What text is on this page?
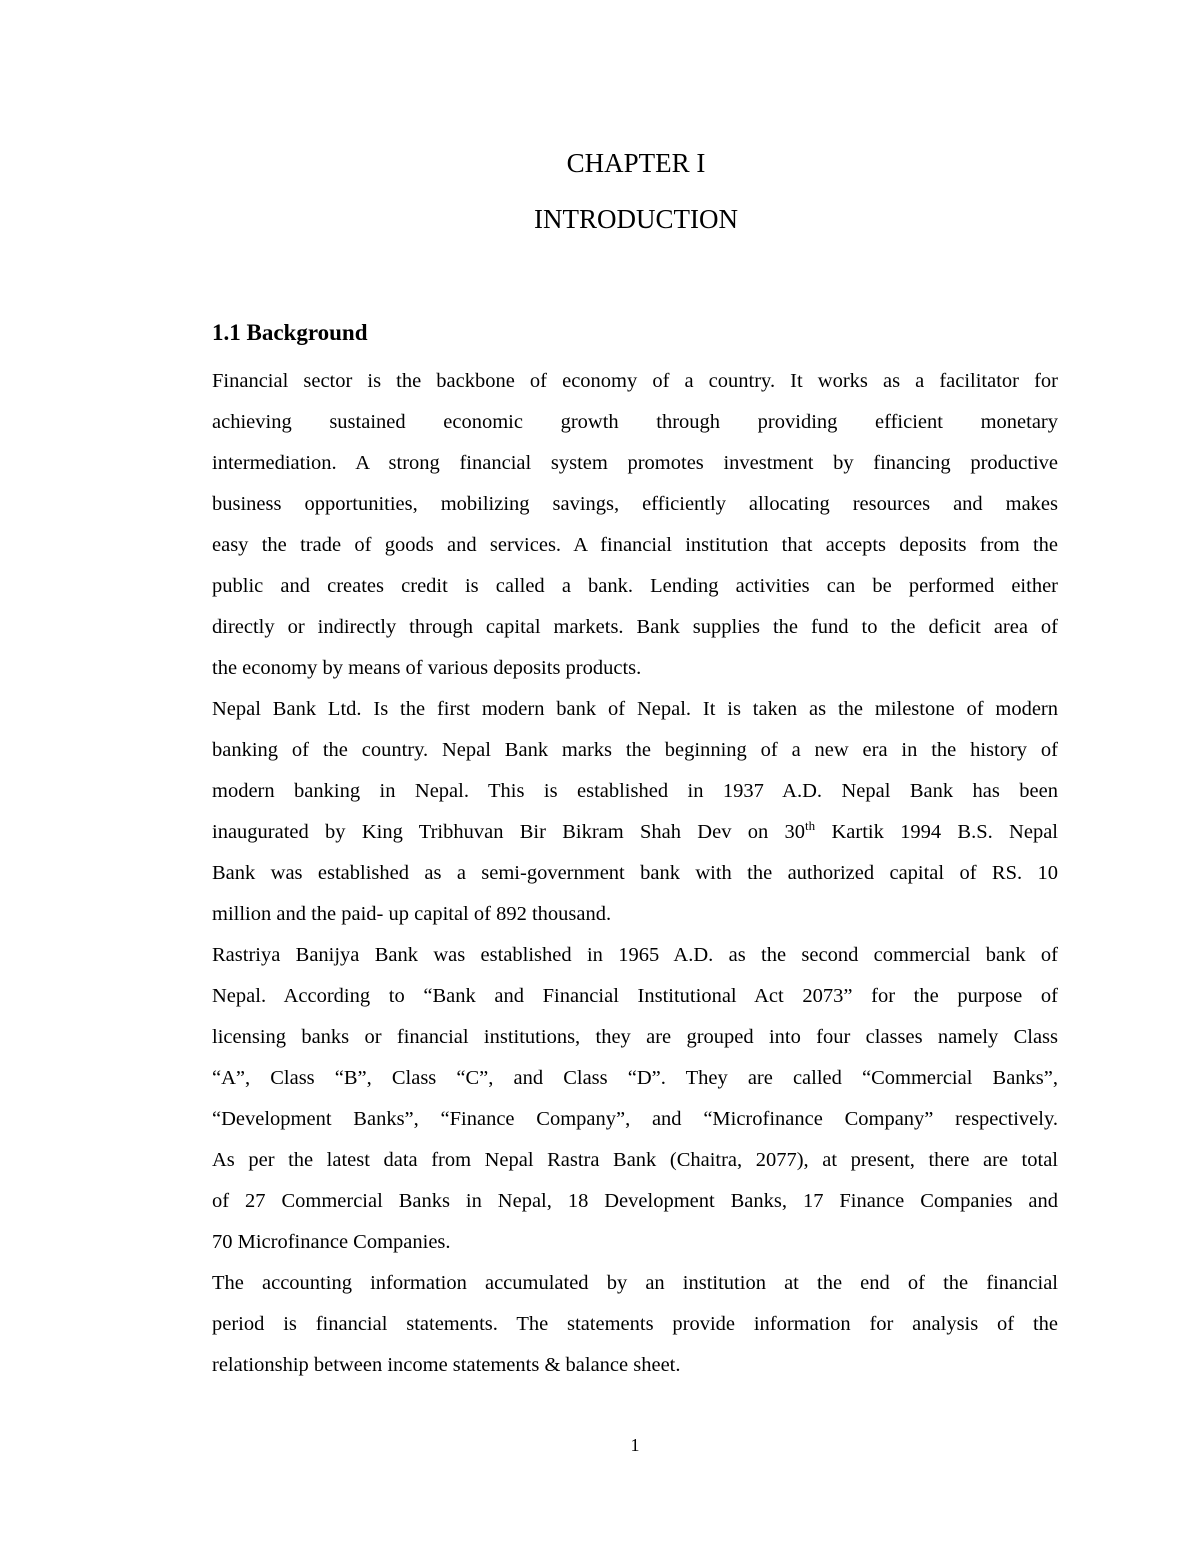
CHAPTER I
INTRODUCTION
1.1 Background

Financial sector is the backbone of economy of a country. It works as a facilitator for
achieving sustained economic growth through providing efficient monetary
intermediation. A strong financial system promotes investment by financing productive
business opportunities, mobilizing savings, efficiently allocating resources and makes
easy the trade of goods and services. A financial institution that accepts deposits from the
public and creates credit is called a bank. Lending activities can be performed either
directly or indirectly through capital markets. Bank supplies the fund to the deficit area of
the economy by means of various deposits products.

Nepal Bank Ltd. Is the first modern bank of Nepal. It is taken as the milestone of modern
banking of the country. Nepal Bank marks the beginning of a new era in the history of
modern banking in Nepal. This is established in 1937 A.D. Nepal Bank has been
inaugurated by King Tribhuvan Bir Bikram Shah Dev on 30th Kartik 1994 B.S. Nepal
Bank was established as a semi-government bank with the authorized capital of RS. 10
million and the paid- up capital of 892 thousand.

Rastriya Banijya Bank was established in 1965 A.D. as the second commercial bank of
Nepal. According to “Bank and Financial Institutional Act 2073” for the purpose of
licensing banks or financial institutions, they are grouped into four classes namely Class
“A”, Class “B”, Class “C”, and Class “D”. They are called “Commercial Banks”,
“Development Banks”, “Finance Company”, and “Microfinance Company” respectively.
As per the latest data from Nepal Rastra Bank (Chaitra, 2077), at present, there are total
of 27 Commercial Banks in Nepal, 18 Development Banks, 17 Finance Companies and
70 Microfinance Companies.

The accounting information accumulated by an institution at the end of the financial
period is financial statements. The statements provide information for analysis of the
relationship between income statements & balance sheet.

1
